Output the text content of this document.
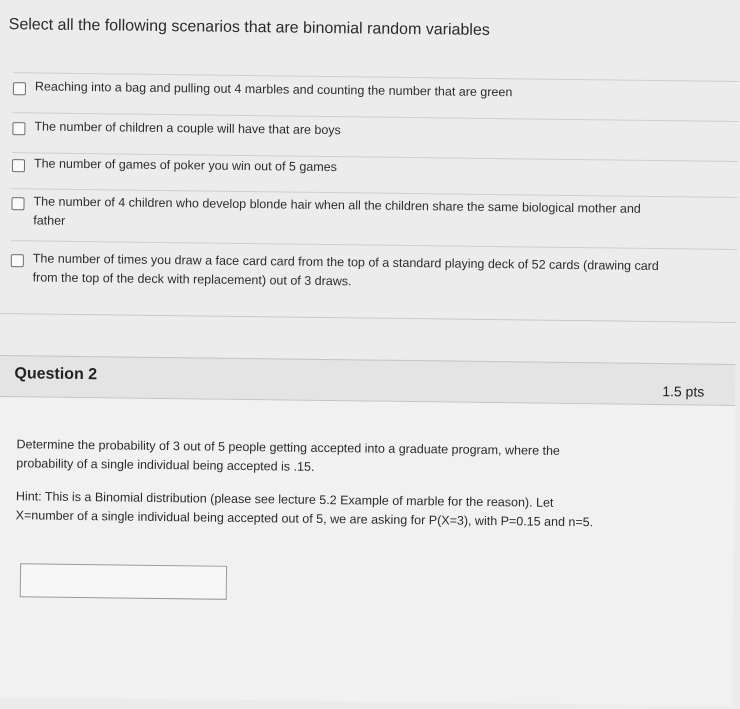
Select all the following scenarios that are binomial random variables
Reaching into a bag and pulling out 4 marbles and counting the number that are green
The number of children a couple will have that are boys
The number of games of poker you win out of 5 games
The number of 4 children who develop blonde hair when all the children share the same biological mother and
father
The number of times you draw a face card card from the top of a standard playing deck of 52 cards (drawing card
from the top of the deck with replacement) out of 3 draws.
Question 2
1.5 pts
Determine the probability of 3 out of 5 people getting accepted into a graduate program, where the
probability of a single individual being accepted is .15.
Hint: This is a Binomial distribution (please see lecture 5.2 Example of marble for the reason). Let
X=number of a single individual being accepted out of 5, we are asking for P(X=3), with P=0.15 and n=5.
